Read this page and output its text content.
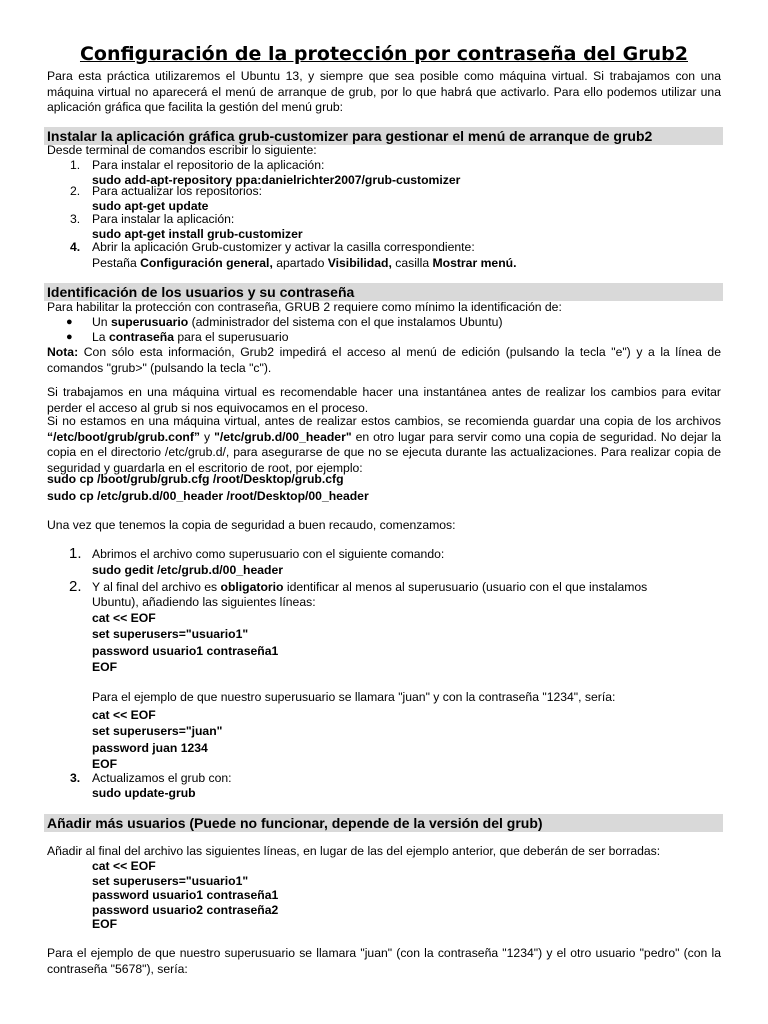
Configuración de la protección por contraseña del Grub2
Para esta práctica utilizaremos el Ubuntu 13, y siempre que sea posible como máquina virtual. Si trabajamos con una máquina virtual no aparecerá el menú de arranque de grub, por lo que habrá que activarlo. Para ello podemos utilizar una aplicación gráfica que facilita la gestión del menú grub:
Instalar la aplicación gráfica grub-customizer para gestionar el menú de arranque de grub2
Desde terminal de comandos escribir lo siguiente:
1. Para instalar el repositorio de la aplicación:
sudo add-apt-repository ppa:danielrichter2007/grub-customizer
2. Para actualizar los repositorios:
sudo apt-get update
3. Para instalar la aplicación:
sudo apt-get install grub-customizer
4. Abrir la aplicación Grub-customizer y activar la casilla correspondiente:
Pestaña Configuración general, apartado Visibilidad, casilla Mostrar menú.
Identificación de los usuarios y su contraseña
Para habilitar la protección con contraseña, GRUB 2 requiere como mínimo la identificación de:
● Un superusuario (administrador del sistema con el que instalamos Ubuntu)
● La contraseña para el superusuario
Nota: Con sólo esta información, Grub2 impedirá el acceso al menú de edición (pulsando la tecla "e") y a la línea de comandos "grub>" (pulsando la tecla "c").
Si trabajamos en una máquina virtual es recomendable hacer una instantánea antes de realizar los cambios para evitar perder el acceso al grub si nos equivocamos en el proceso.
Si no estamos en una máquina virtual, antes de realizar estos cambios, se recomienda guardar una copia de los archivos “/etc/boot/grub/grub.conf” y "/etc/grub.d/00_header" en otro lugar para servir como una copia de seguridad. No dejar la copia en el directorio /etc/grub.d/, para asegurarse de que no se ejecuta durante las actualizaciones. Para realizar copia de seguridad y guardarla en el escritorio de root, por ejemplo:
sudo cp /boot/grub/grub.cfg /root/Desktop/grub.cfg
sudo cp /etc/grub.d/00_header /root/Desktop/00_header
Una vez que tenemos la copia de seguridad a buen recaudo, comenzamos:
1. Abrimos el archivo como superusuario con el siguiente comando:
sudo gedit /etc/grub.d/00_header
2. Y al final del archivo es obligatorio identificar al menos al superusuario (usuario con el que instalamos
Ubuntu), añadiendo las siguientes líneas:
cat << EOF
set superusers="usuario1"
password usuario1 contraseña1
EOF
Para el ejemplo de que nuestro superusuario se llamara "juan" y con la contraseña "1234", sería:
cat << EOF
set superusers="juan"
password juan 1234
EOF
3. Actualizamos el grub con:
sudo update-grub
Añadir más usuarios (Puede no funcionar, depende de la versión del grub)
Añadir al final del archivo las siguientes líneas, en lugar de las del ejemplo anterior, que deberán de ser borradas:
cat << EOF
set superusers="usuario1"
password usuario1 contraseña1
password usuario2 contraseña2
EOF
Para el ejemplo de que nuestro superusuario se llamara "juan" (con la contraseña "1234") y el otro usuario "pedro" (con la contraseña "5678"), sería:
